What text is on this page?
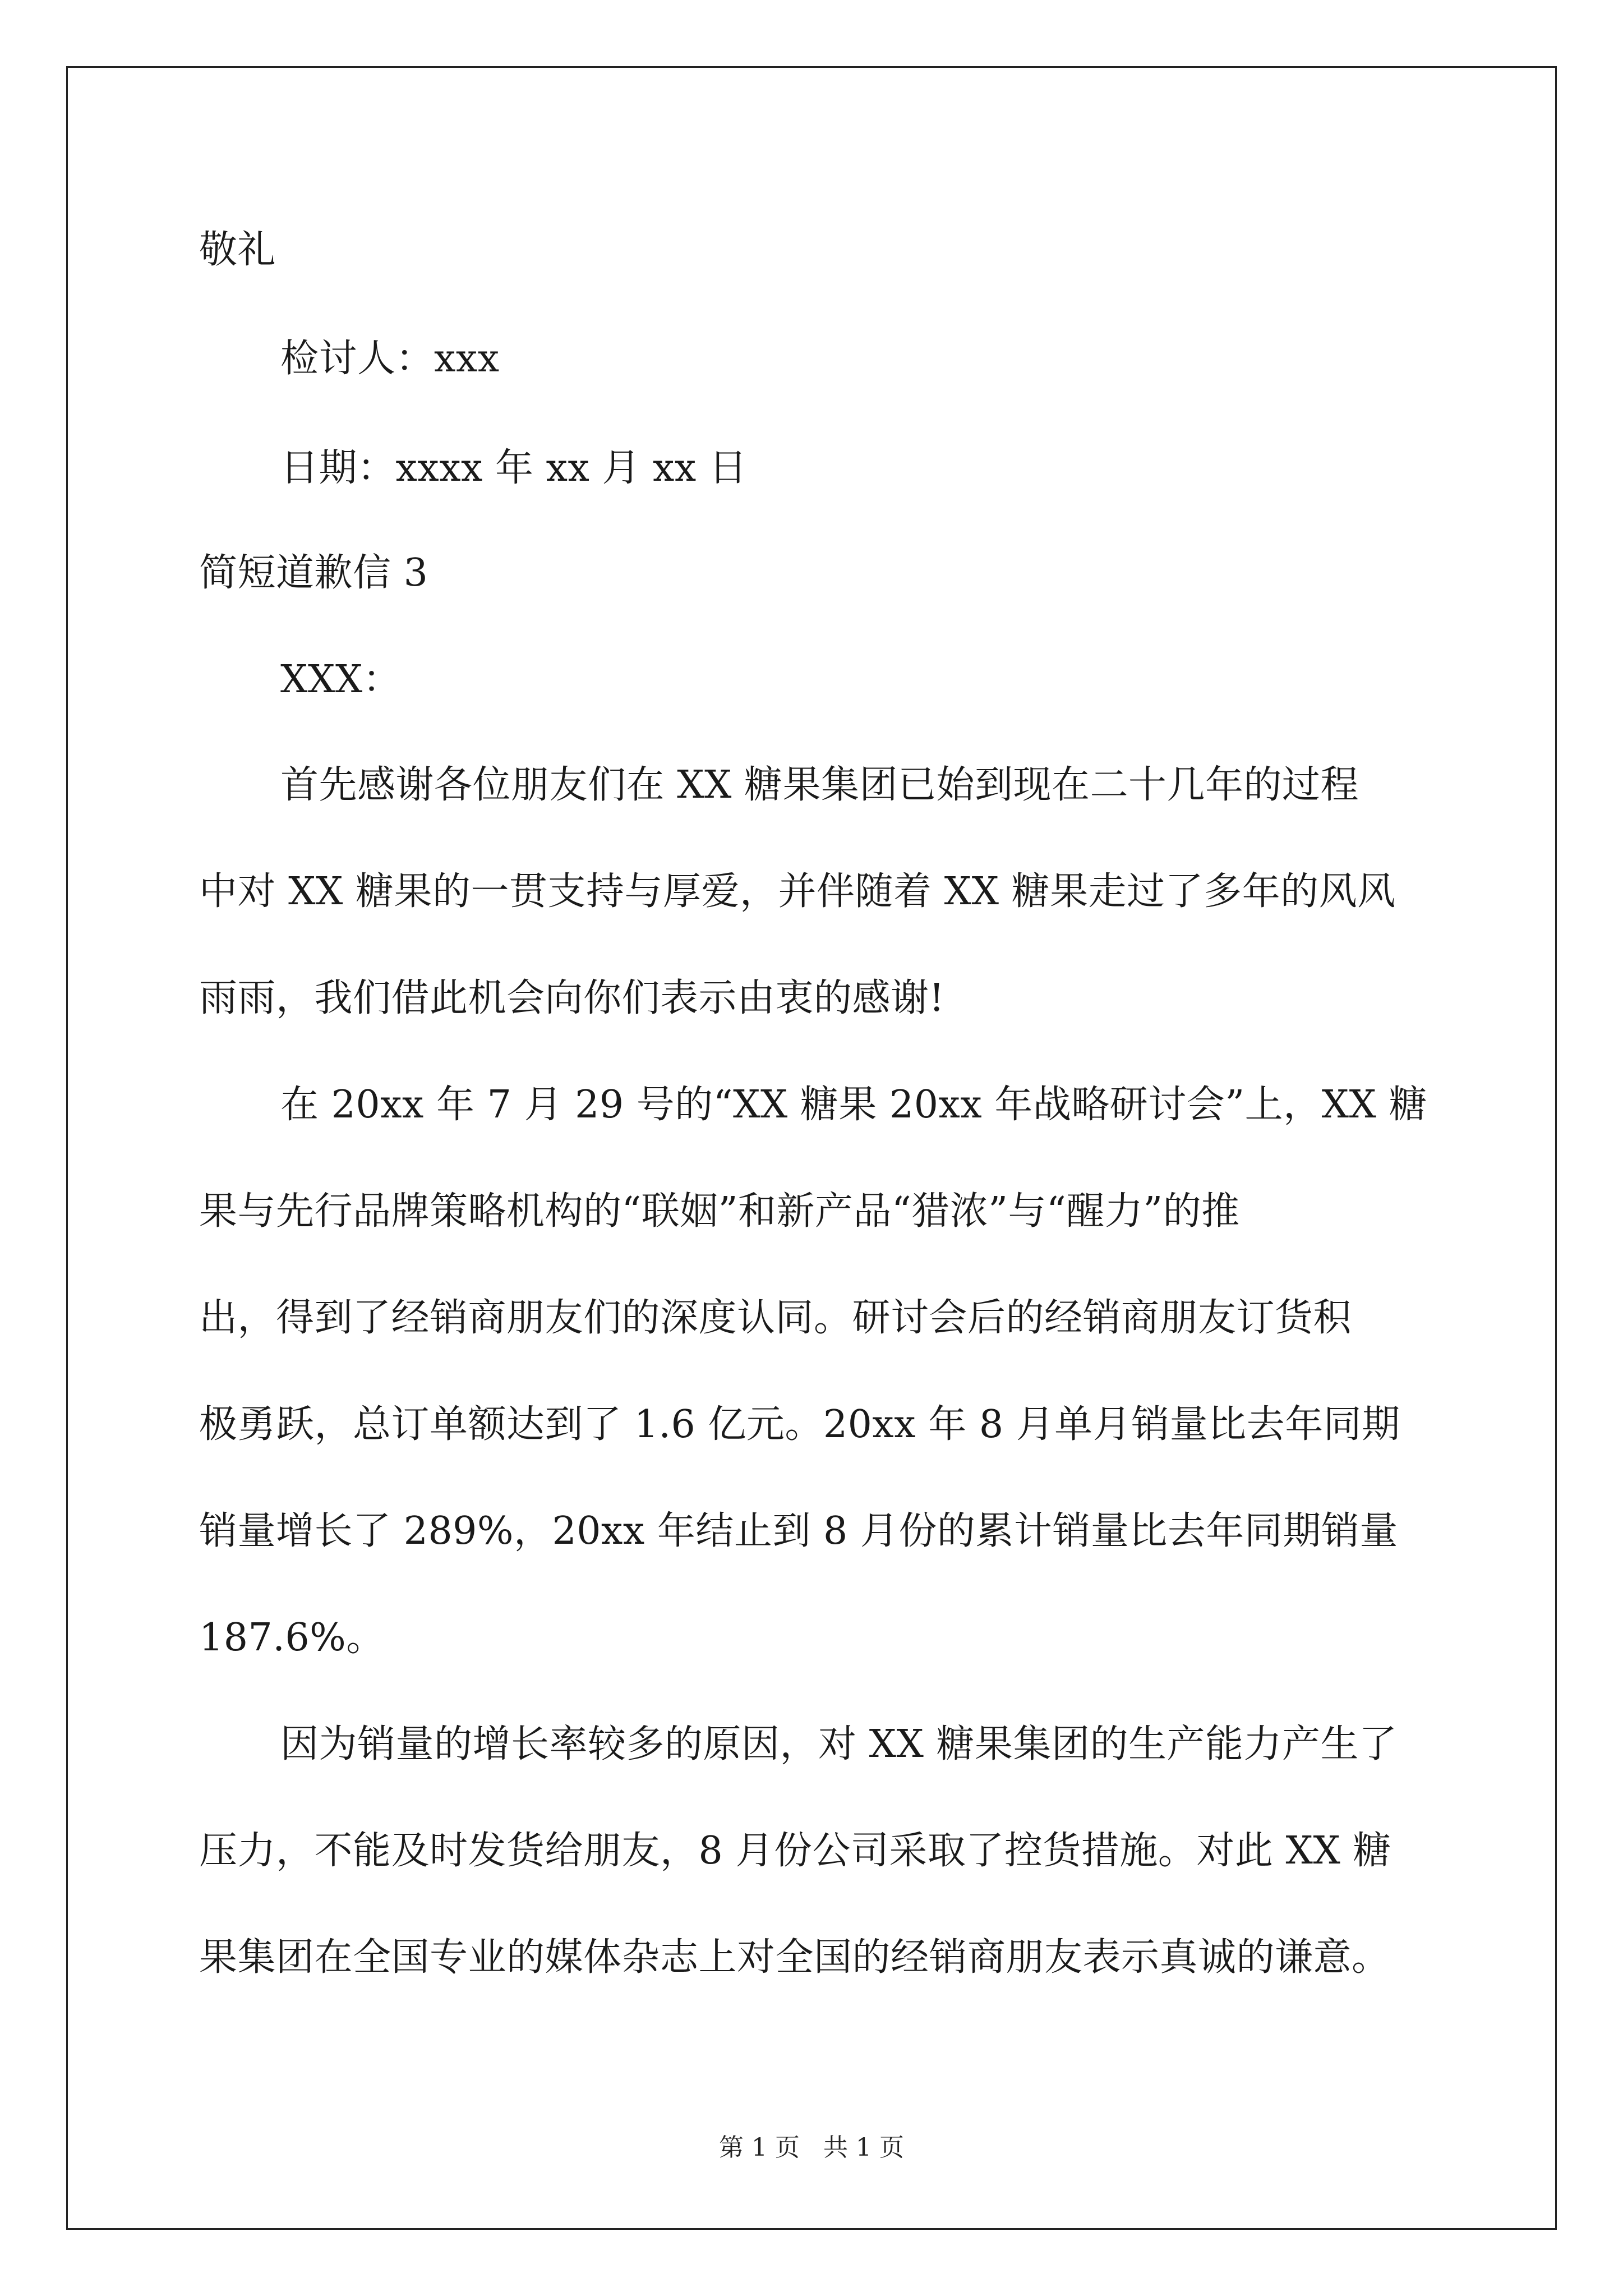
敬礼
检讨人：xxx
日期：xxxx 年 xx 月 xx 日
简短道歉信 3
XXX：
首先感谢各位朋友们在 XX 糖果集团已始到现在二十几年的过程
中对 XX 糖果的一贯支持与厚爱，并伴随着 XX 糖果走过了多年的风风
雨雨，我们借此机会向你们表示由衷的感谢!
在 20xx 年 7 月 29 号的“XX 糖果 20xx 年战略研讨会”上，XX 糖
果与先行品牌策略机构的“联姻”和新产品“猎浓”与“醒力”的推
出，得到了经销商朋友们的深度认同。研讨会后的经销商朋友订货积
极勇跃，总订单额达到了 1.6 亿元。20xx 年 8 月单月销量比去年同期
销量增长了 289%，20xx 年结止到 8 月份的累计销量比去年同期销量
187.6%。
因为销量的增长率较多的原因，对 XX 糖果集团的生产能力产生了
压力，不能及时发货给朋友，8 月份公司采取了控货措施。对此 XX 糖
果集团在全国专业的媒体杂志上对全国的经销商朋友表示真诚的谦意。
第 1 页 共 1 页
